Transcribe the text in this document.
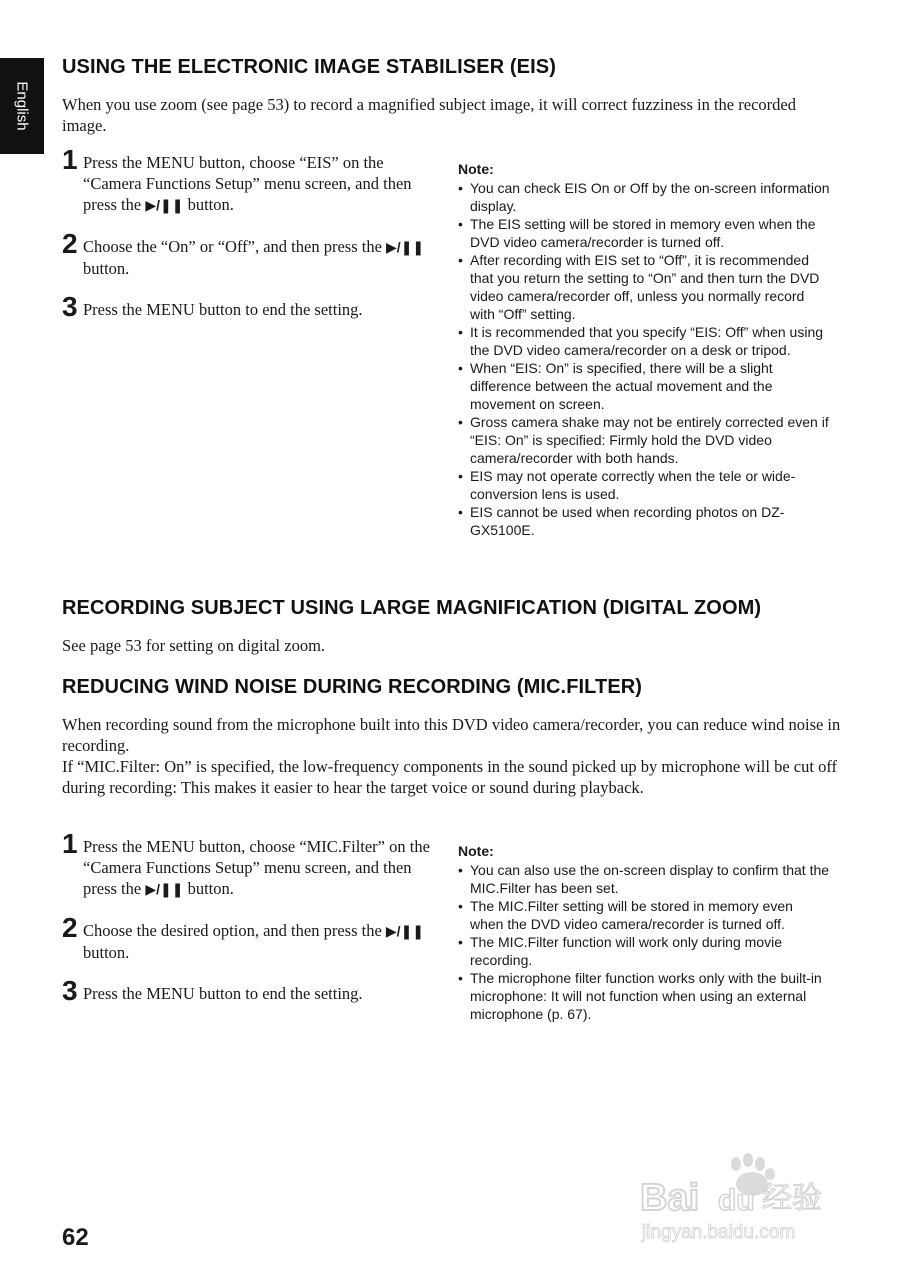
English
USING THE ELECTRONIC IMAGE STABILISER (EIS)

When you use zoom (see page 53) to record a magnified subject image, it will correct fuzziness in the recorded image.

1 Press the MENU button, choose “EIS” on the “Camera Functions Setup” menu screen, and then press the ▶/❚❚ button.
2 Choose the “On” or “Off”, and then press the ▶/❚❚ button.
3 Press the MENU button to end the setting.
Note:
• You can check EIS On or Off by the on-screen information display.
• The EIS setting will be stored in memory even when the DVD video camera/recorder is turned off.
• After recording with EIS set to “Off”, it is recommended that you return the setting to “On” and then turn the DVD video camera/recorder off, unless you normally record with “Off” setting.
• It is recommended that you specify “EIS: Off” when using the DVD video camera/recorder on a desk or tripod.
• When “EIS: On” is specified, there will be a slight difference between the actual movement and the movement on screen.
• Gross camera shake may not be entirely corrected even if “EIS: On” is specified: Firmly hold the DVD video camera/recorder with both hands.
• EIS may not operate correctly when the tele or wide-conversion lens is used.
• EIS cannot be used when recording photos on DZ-GX5100E.
RECORDING SUBJECT USING LARGE MAGNIFICATION (DIGITAL ZOOM)

See page 53 for setting on digital zoom.

REDUCING WIND NOISE DURING RECORDING (MIC.FILTER)

When recording sound from the microphone built into this DVD video camera/recorder, you can reduce wind noise in recording.

If “MIC.Filter: On” is specified, the low-frequency components in the sound picked up by microphone will be cut off during recording: This makes it easier to hear the target voice or sound during playback.

1 Press the MENU button, choose “MIC.Filter” on the “Camera Functions Setup” menu screen, and then press the ▶/❚❚ button.
2 Choose the desired option, and then press the ▶/❚❚ button.
3 Press the MENU button to end the setting.
Note:
• You can also use the on-screen display to confirm that the MIC.Filter has been set.
• The MIC.Filter setting will be stored in memory even when the DVD video camera/recorder is turned off.
• The MIC.Filter function will work only during movie recording.
• The microphone filter function works only with the built-in microphone: It will not function when using an external microphone (p. 67).
Bai du 经验
jingyan.baidu.com
62
